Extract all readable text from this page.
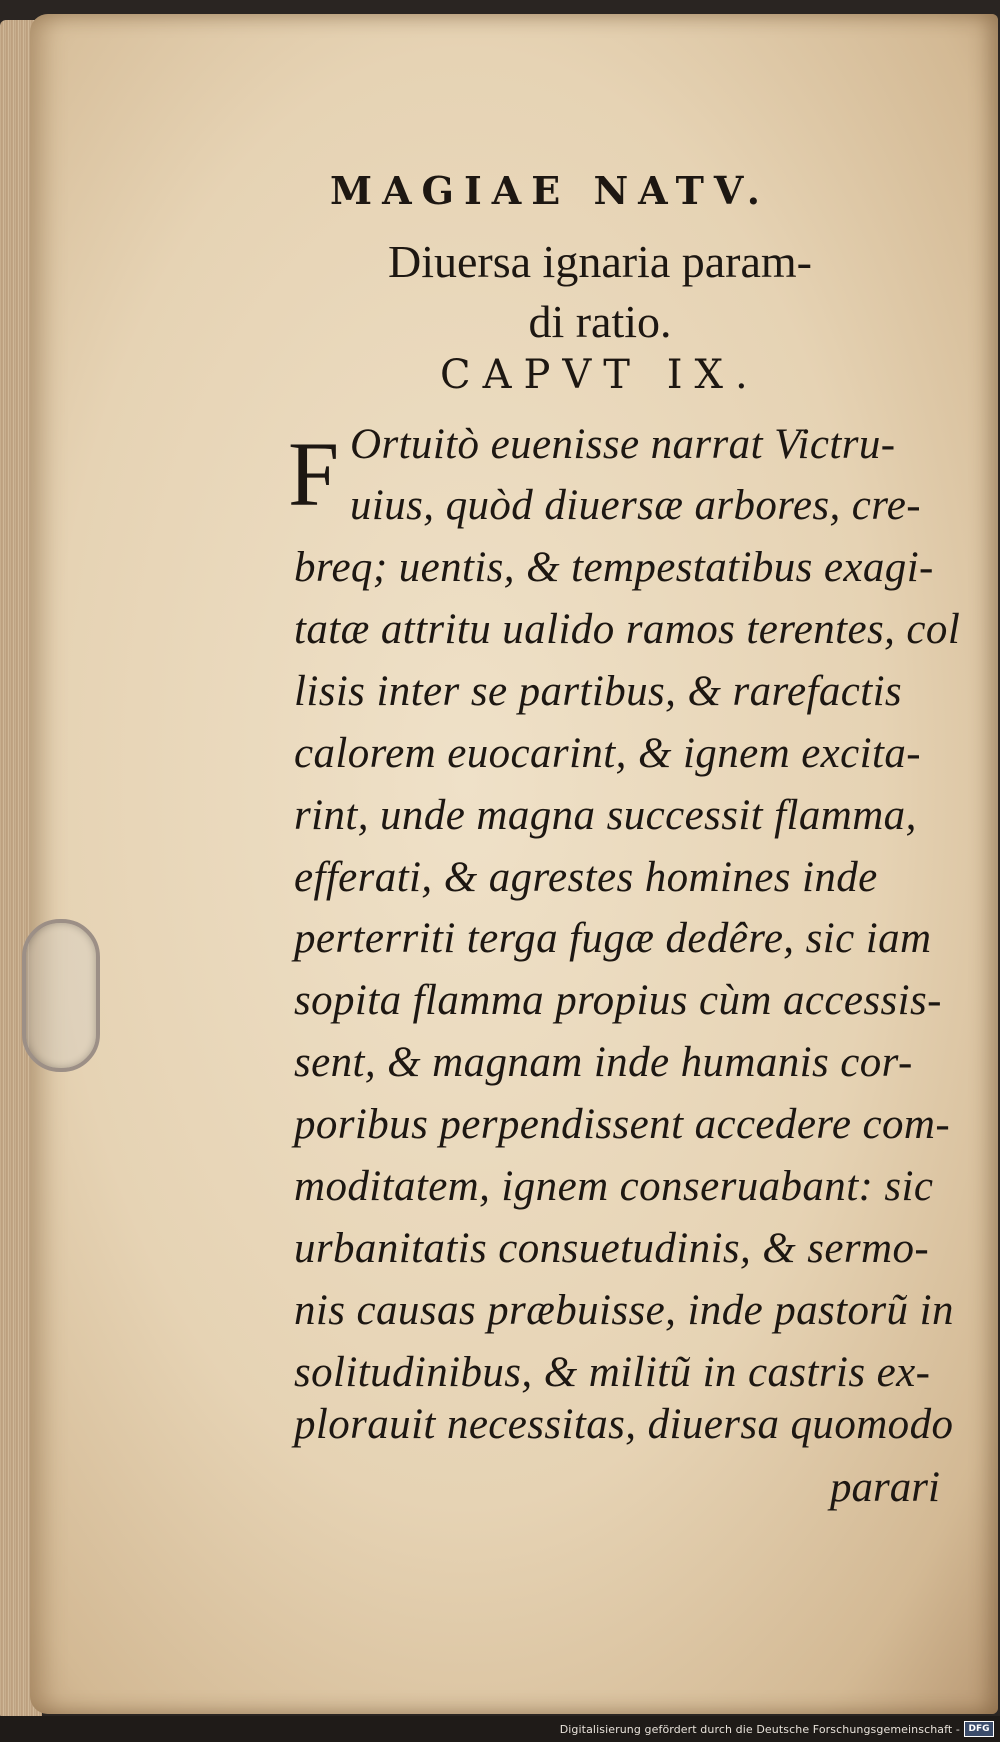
MAGIAE NATV.
Diuersa ignaria param-
di ratio.
CAPVT IX.
F Ortuitò euenisse narrat Victru-
uius, quòd diuersæ arbores, cre-
breq; uentis, & tempestatibus exagi-
tatæ attritu ualido ramos terentes, col
lisis inter se partibus, & rarefactis
calorem euocarint, & ignem excita-
rint, unde magna successit flamma,
efferati, & agrestes homines inde
perterriti terga fugæ dedêre, sic iam
sopita flamma propius cùm accessis-
sent, & magnam inde humanis cor-
poribus perpendissent accedere com-
moditatem, ignem conseruabant: sic
urbanitatis consuetudinis, & sermo-
nis causas præbuisse, inde pastorũ in
solitudinibus, & militũ in castris ex-
plorauit necessitas, diuersa quomodo
parari
Digitalisierung gefördert durch die Deutsche Forschungsgemeinschaft - DFG
